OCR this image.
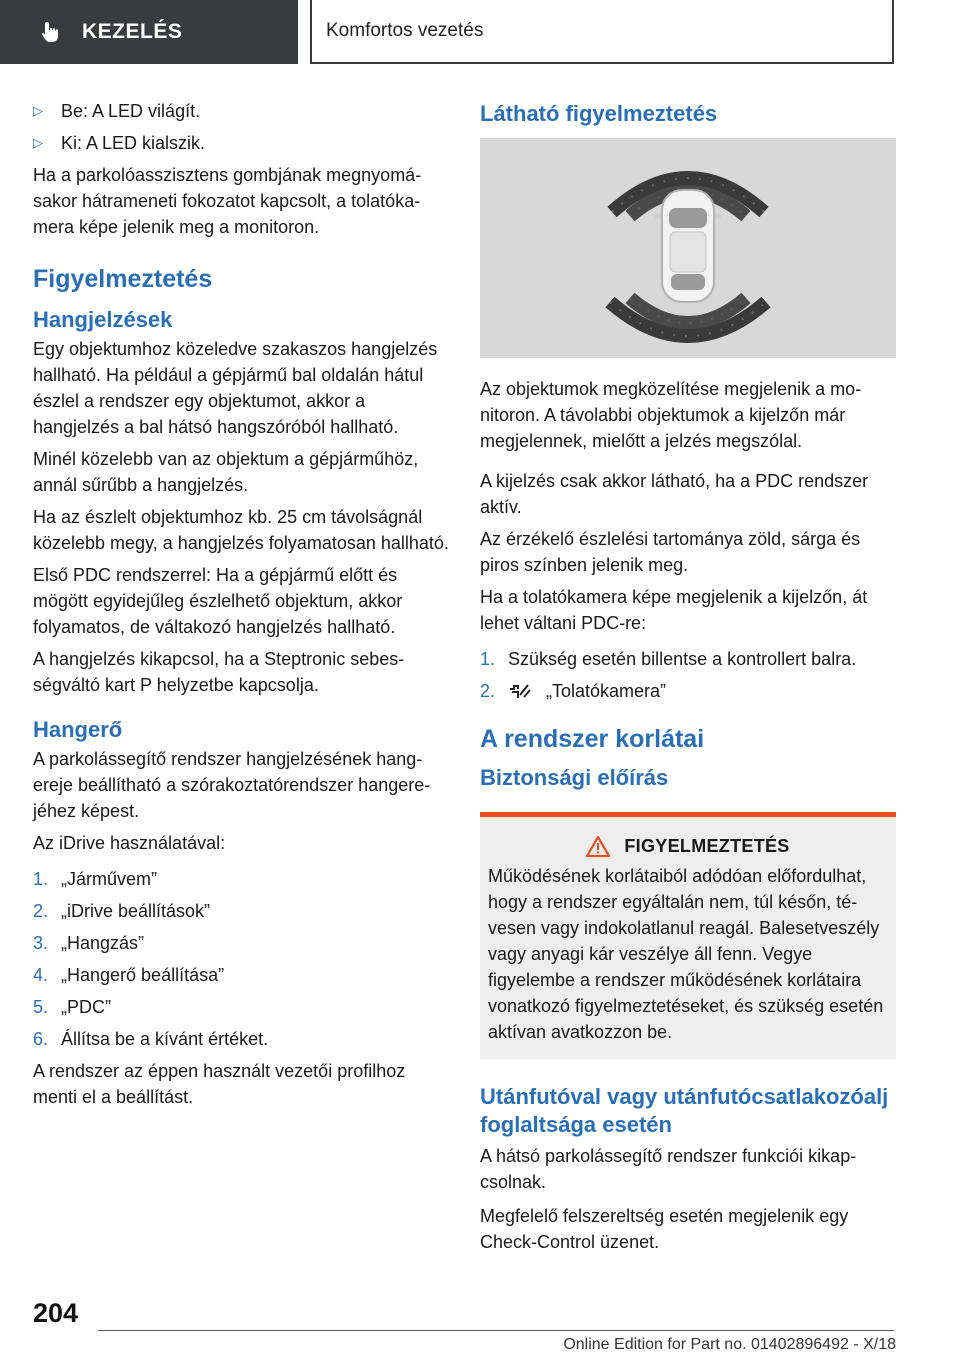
KEZELÉS	Komfortos vezetés
▷	Be: A LED világít.
▷	Ki: A LED kialszik.

Ha a parkolóasszisztens gombjának megnyomásakor hátrameneti fokozatot kapcsolt, a tolatókamera képe jelenik meg a monitoron.

Figyelmeztetés
Hangjelzések

Egy objektumhoz közeledve szakaszos hangjelzés hallható. Ha például a gépjármű bal oldalán hátul észlel a rendszer egy objektumot, akkor a hangjelzés a bal hátsó hangszóróból hallható.

Minél közelebb van az objektum a gépjárműhöz, annál sűrűbb a hangjelzés.

Ha az észlelt objektumhoz kb. 25 cm távolságnál közelebb megy, a hangjelzés folyamatosan hallható.

Első PDC rendszerrel: Ha a gépjármű előtt és mögött egyidejűleg észlelhető objektum, akkor folyamatos, de váltakozó hangjelzés hallható.

A hangjelzés kikapcsol, ha a Steptronic sebességváltó kart P helyzetbe kapcsolja.

Hangerő

A parkolássegítő rendszer hangjelzésének hangereje beállítható a szórakoztatórendszer hangerejéhez képest.

Az iDrive használatával:

1. „Járművem”
2. „iDrive beállítások”
3. „Hangzás”
4. „Hangerő beállítása”
5. „PDC”
6. Állítsa be a kívánt értéket.

A rendszer az éppen használt vezetői profilhoz menti el a beállítást.

Látható figyelmeztetés

Az objektumok megközelítése megjelenik a monitoron. A távolabbi objektumok a kijelzőn már megjelennek, mielőtt a jelzés megszólal.

A kijelzés csak akkor látható, ha a PDC rendszer aktív.

Az érzékelő észlelési tartománya zöld, sárga és piros színben jelenik meg.

Ha a tolatókamera képe megjelenik a kijelzőn, át lehet váltani PDC-re:

1. Szükség esetén billentse a kontrollert balra.
2.	„Tolatókamera”
A rendszer korlátai
Biztonsági előírás
FIGYELMEZTETÉS

Működésének korlátaiból adódóan előfordulhat, hogy a rendszer egyáltalán nem, túl későn, tévesen vagy indokolatlanul reagál. Balesetveszély vagy anyagi kár veszélye áll fenn. Vegye figyelembe a rendszer működésének korlátaira vonatkozó figyelmeztetéseket, és szükség esetén aktívan avatkozzon be.

Utánfutóval vagy utánfutócsatlakozóalj foglaltsága esetén

A hátsó parkolássegítő rendszer funkciói kikapcsolnak.

Megfelelő felszereltség esetén megjelenik egy Check-Control üzenet.

204
Online Edition for Part no. 01402896492 - X/18
